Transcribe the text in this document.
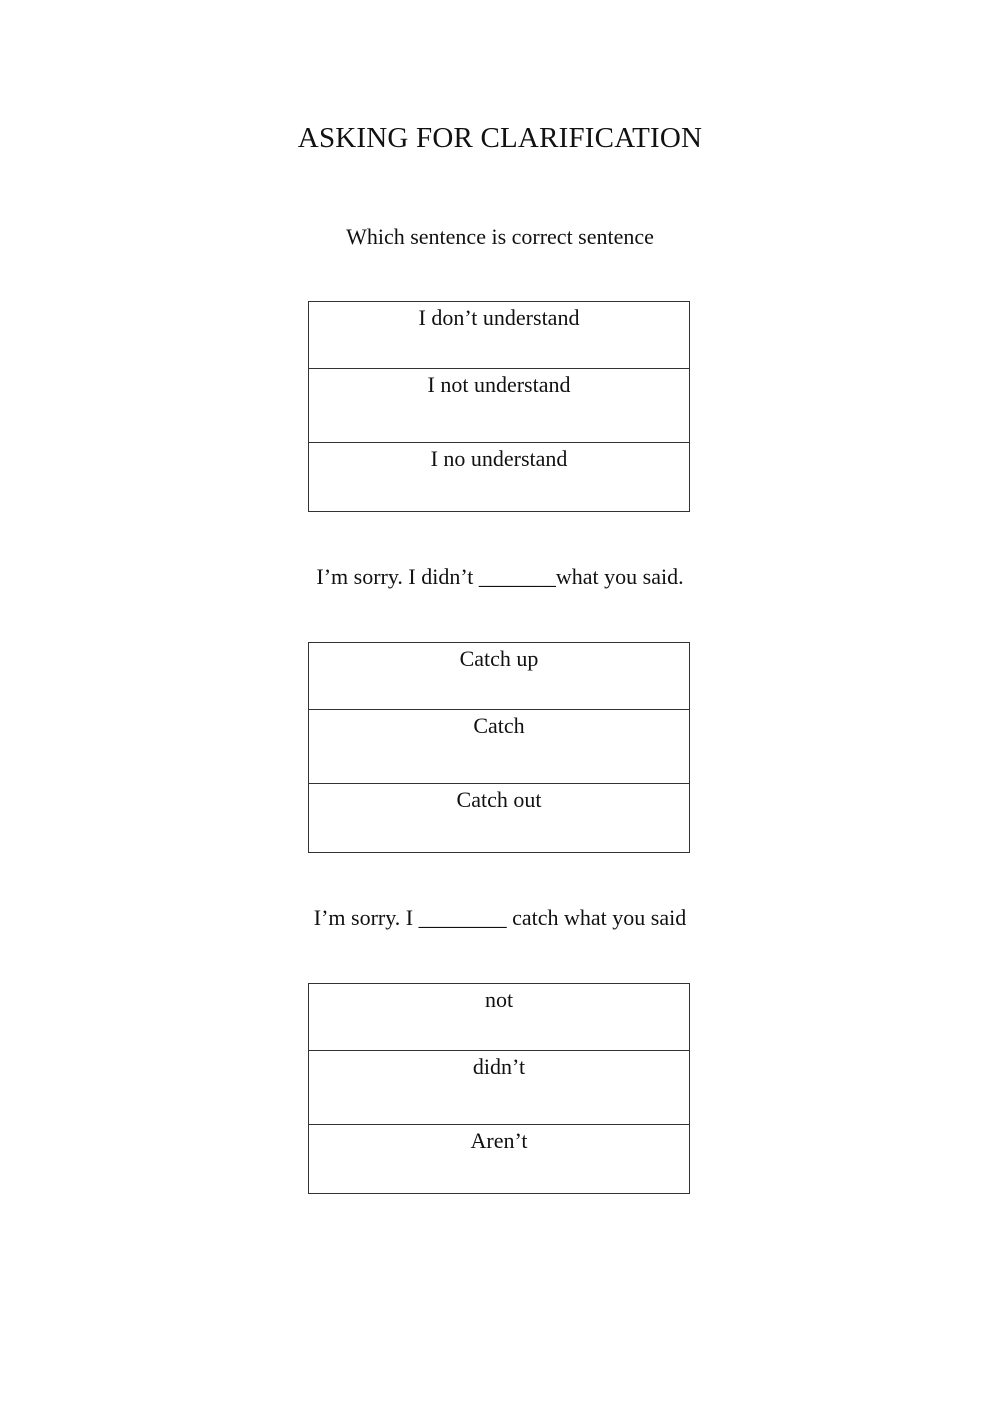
ASKING FOR CLARIFICATION
Which sentence is correct sentence
I don’t understand
I not understand
I no understand
I’m sorry. I didn’t _______what you said.
Catch up
Catch
Catch out
I’m sorry. I ________ catch what you said
not
didn’t
Aren’t
